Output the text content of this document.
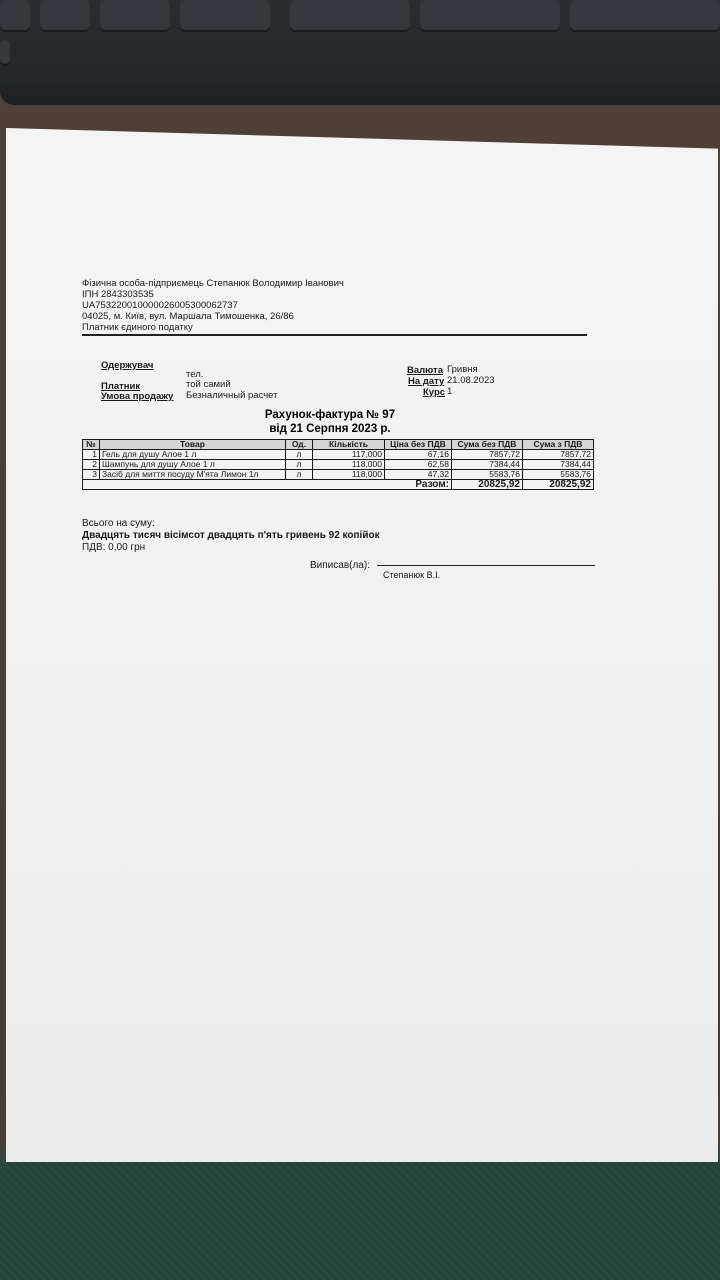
Фізична особа-підприємець Степанюк Володимир Іванович
ІПН 2843303535
UA753220010000026005300062737
04025, м. Київ, вул. Маршала Тимошенка, 26/86
Платник єдиного податку
Одержувач
тел.
Платник	той самий
Умова продажу Безналичный расчет
Валюта Гривня
На дату 21.08.2023
Курс 1
Рахунок-фактура № 97
від 21 Серпня 2023 р.
№	Товар	Од.	Кількість	Ціна без ПДВ	Сума без ПДВ	Сума з ПДВ
1	Гель для душу Алое 1 л	л	117,000	67,16	7857,72	7857,72
2	Шампунь для душу Алое 1 л	л	118,000	62,58	7384,44	7384,44
3	Засіб для миття посуду М'ята Лимон 1л	л	118,000	47,32	5583,76	5583,76
Разом:					20825,92	20825,92
Всього на суму:
Двадцять тисяч вісімсот двадцять п'ять гривень 92 копійок
ПДВ: 0,00 грн
Виписав(ла):
Степанюк В.І.
